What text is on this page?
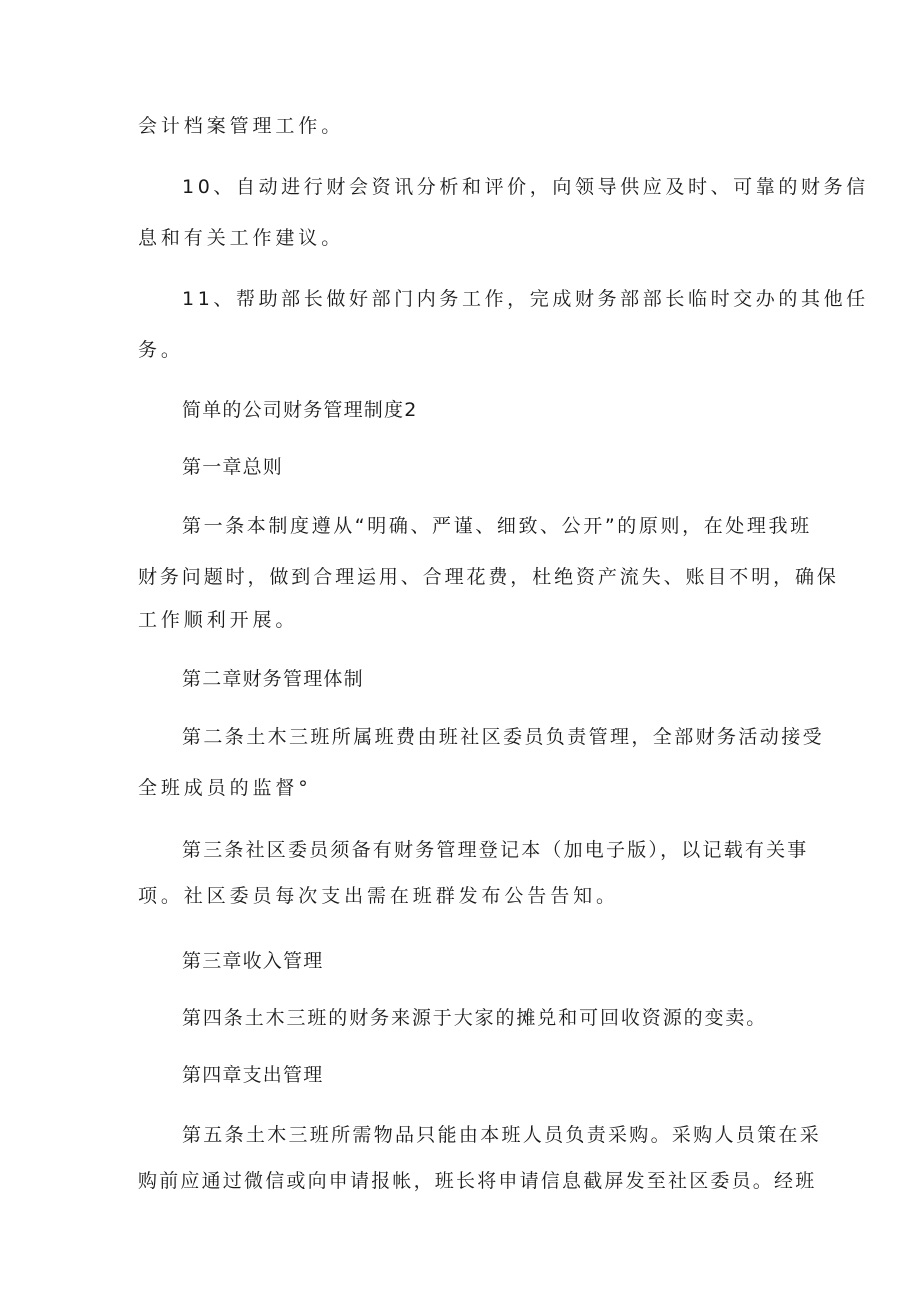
会计档案管理工作。
10、自动进行财会资讯分析和评价，向领导供应及时、可靠的财务信
息和有关工作建议。
11、帮助部长做好部门内务工作，完成财务部部长临时交办的其他任
务。
简单的公司财务管理制度2
第一章总则
第一条本制度遵从“明确、严谨、细致、公开”的原则，在处理我班
财务问题时，做到合理运用、合理花费，杜绝资产流失、账目不明，确保
工作顺利开展。
第二章财务管理体制
第二条土木三班所属班费由班社区委员负责管理，全部财务活动接受
全班成员的监督°
第三条社区委员须备有财务管理登记本（加电子版），以记载有关事
项。社区委员每次支出需在班群发布公告告知。
第三章收入管理
第四条土木三班的财务来源于大家的摊兑和可回收资源的变卖。
第四章支出管理
第五条土木三班所需物品只能由本班人员负责采购。采购人员策在采
购前应通过微信或向申请报帐，班长将申请信息截屏发至社区委员。经班
